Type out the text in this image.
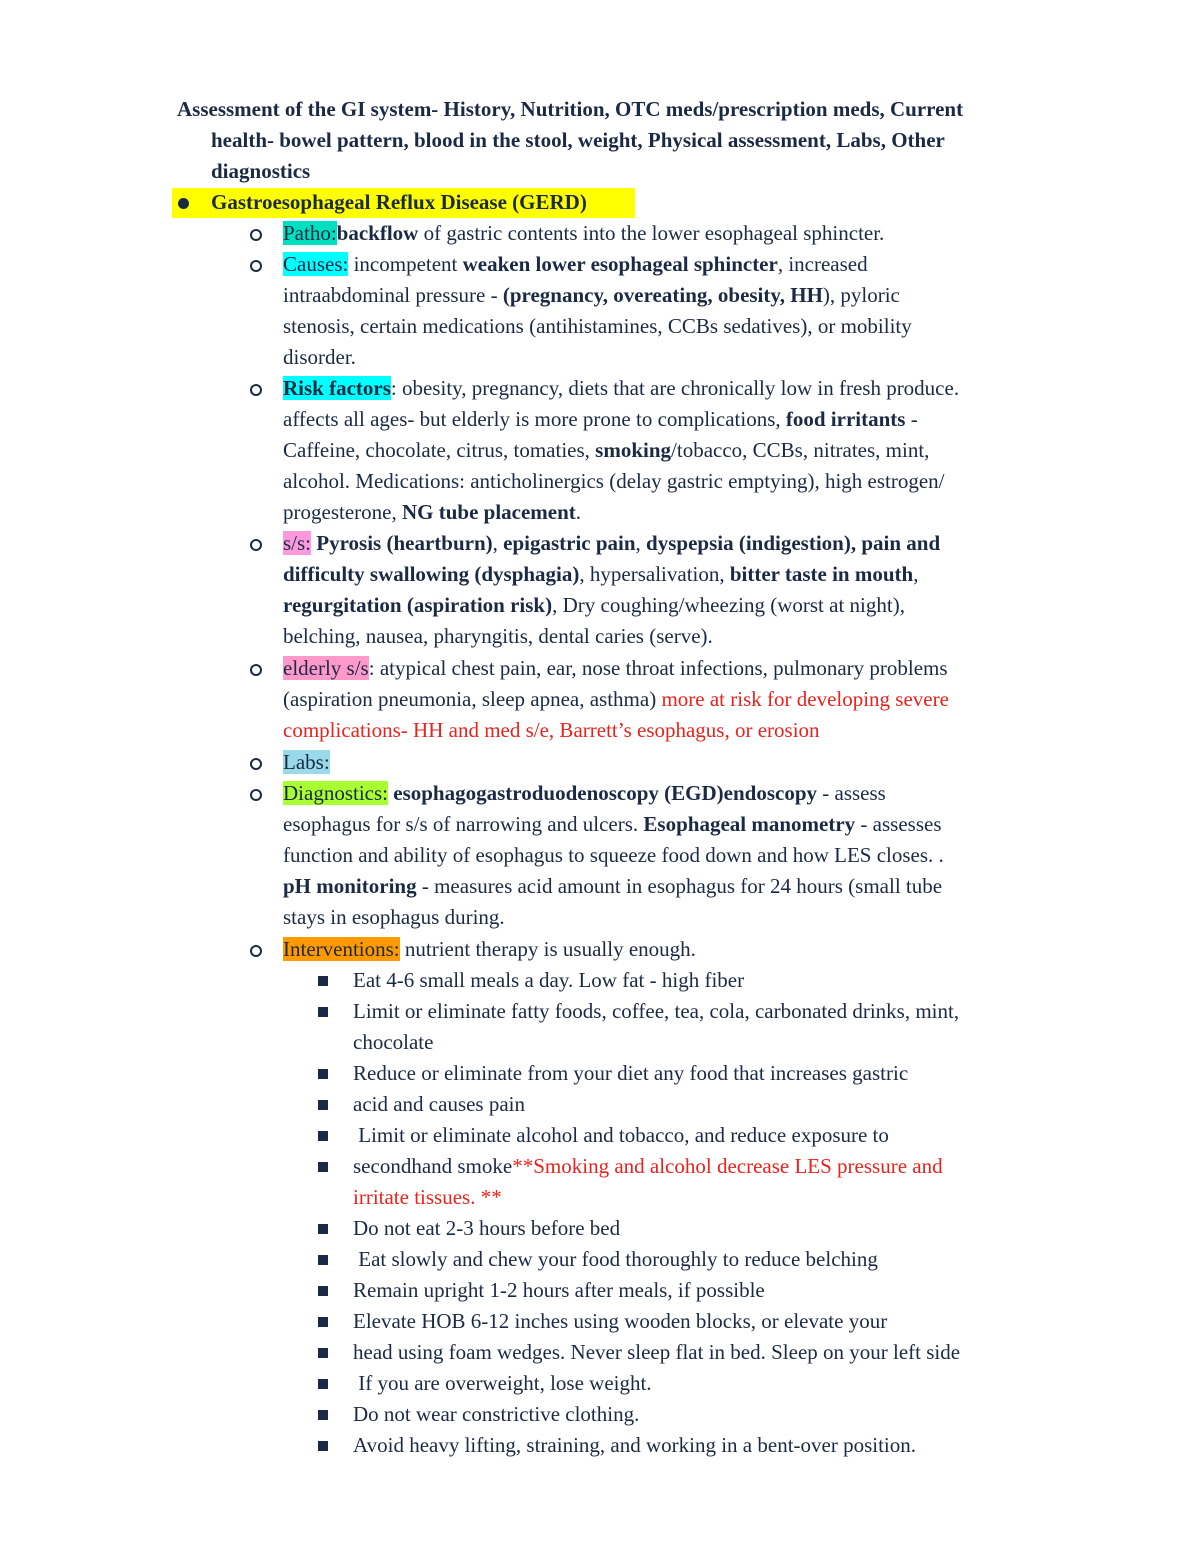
Assessment of the GI system- History, Nutrition, OTC meds/prescription meds, Current
health- bowel pattern, blood in the stool, weight, Physical assessment, Labs, Other
diagnostics
Gastroesophageal Reflux Disease (GERD)
Patho:backflow of gastric contents into the lower esophageal sphincter.
Causes: incompetent weaken lower esophageal sphincter, increased
intraabdominal pressure - (pregnancy, overeating, obesity, HH), pyloric
stenosis, certain medications (antihistamines, CCBs sedatives), or mobility
disorder.
Risk factors: obesity, pregnancy, diets that are chronically low in fresh produce.
affects all ages- but elderly is more prone to complications, food irritants -
Caffeine, chocolate, citrus, tomaties, smoking/tobacco, CCBs, nitrates, mint,
alcohol. Medications: anticholinergics (delay gastric emptying), high estrogen/
progesterone, NG tube placement.
s/s: Pyrosis (heartburn), epigastric pain, dyspepsia (indigestion), pain and
difficulty swallowing (dysphagia), hypersalivation, bitter taste in mouth,
regurgitation (aspiration risk), Dry coughing/wheezing (worst at night),
belching, nausea, pharyngitis, dental caries (serve).
elderly s/s: atypical chest pain, ear, nose throat infections, pulmonary problems
(aspiration pneumonia, sleep apnea, asthma) more at risk for developing severe
complications- HH and med s/e, Barrett’s esophagus, or erosion
Labs:
Diagnostics: esophagogastroduodenoscopy (EGD)endoscopy - assess
esophagus for s/s of narrowing and ulcers. Esophageal manometry - assesses
function and ability of esophagus to squeeze food down and how LES closes. .
pH monitoring - measures acid amount in esophagus for 24 hours (small tube
stays in esophagus during.
Interventions: nutrient therapy is usually enough.
Eat 4-6 small meals a day. Low fat - high fiber
Limit or eliminate fatty foods, coffee, tea, cola, carbonated drinks, mint,
chocolate
Reduce or eliminate from your diet any food that increases gastric
acid and causes pain
Limit or eliminate alcohol and tobacco, and reduce exposure to
secondhand smoke**Smoking and alcohol decrease LES pressure and
irritate tissues. **
Do not eat 2-3 hours before bed
Eat slowly and chew your food thoroughly to reduce belching
Remain upright 1-2 hours after meals, if possible
Elevate HOB 6-12 inches using wooden blocks, or elevate your
head using foam wedges. Never sleep flat in bed. Sleep on your left side
If you are overweight, lose weight.
Do not wear constrictive clothing.
Avoid heavy lifting, straining, and working in a bent-over position.
